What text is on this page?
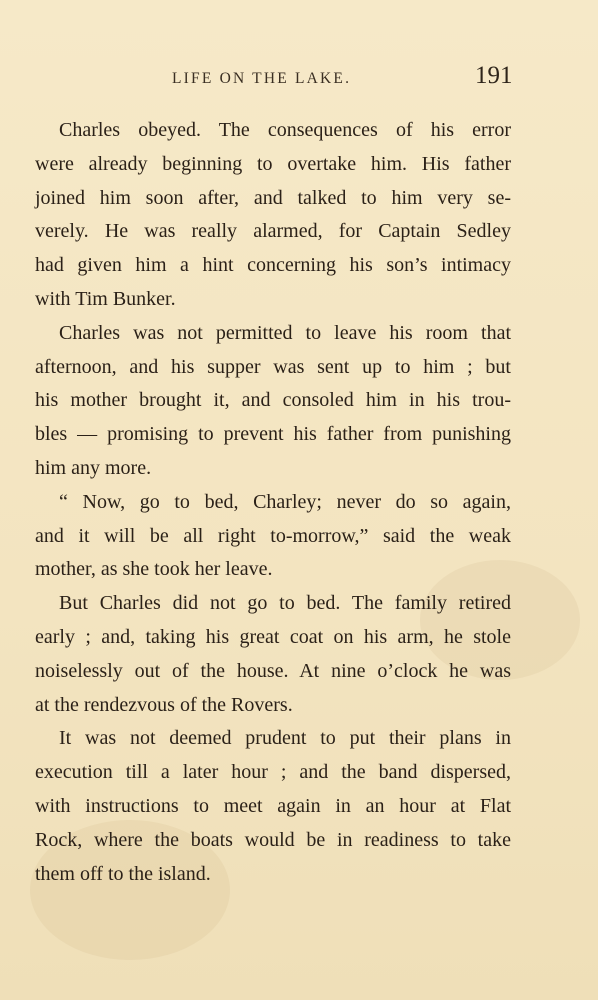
LIFE ON THE LAKE.	191
Charles obeyed. The consequences of his error
were already beginning to overtake him. His father
joined him soon after, and talked to him very se-
verely. He was really alarmed, for Captain Sedley
had given him a hint concerning his son’s intimacy
with Tim Bunker.
Charles was not permitted to leave his room that
afternoon, and his supper was sent up to him ; but
his mother brought it, and consoled him in his trou-
bles — promising to prevent his father from punishing
him any more.
“ Now, go to bed, Charley; never do so again,
and it will be all right to-morrow,” said the weak
mother, as she took her leave.
But Charles did not go to bed. The family retired
early ; and, taking his great coat on his arm, he stole
noiselessly out of the house. At nine o’clock he was
at the rendezvous of the Rovers.
It was not deemed prudent to put their plans in
execution till a later hour ; and the band dispersed,
with instructions to meet again in an hour at Flat
Rock, where the boats would be in readiness to take
them off to the island.
